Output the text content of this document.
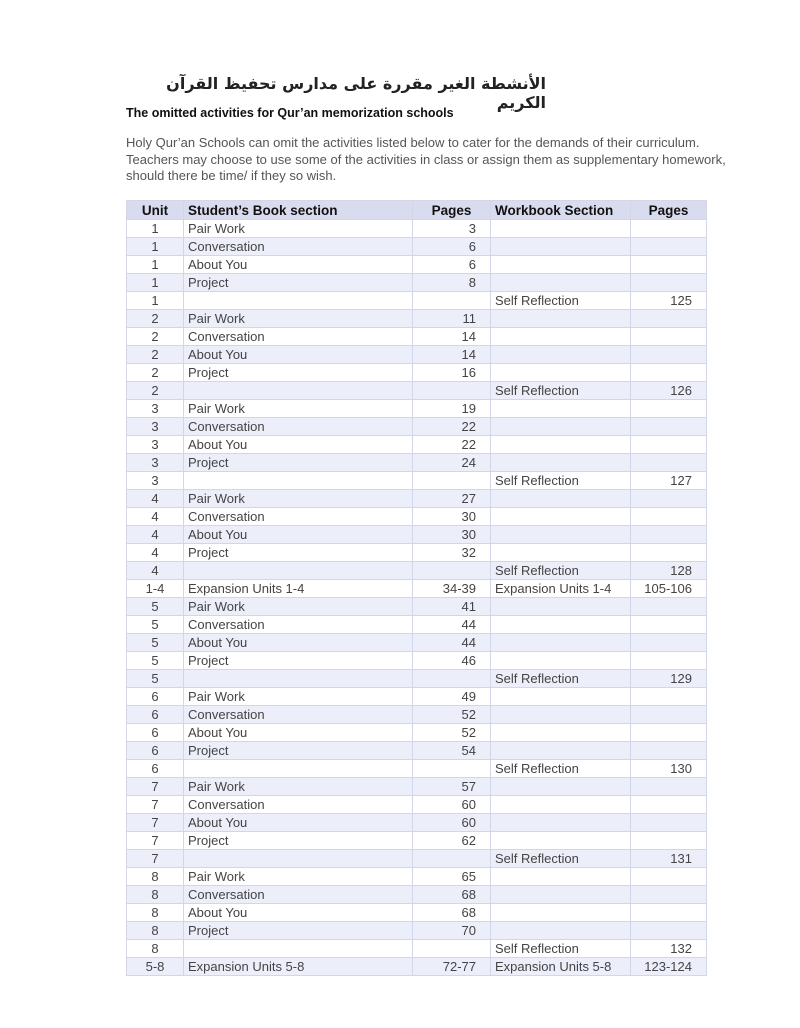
الأنشطة الغير مقررة على مدارس تحفيظ القرآن الكريم
The omitted activities for Qur’an memorization schools

Holy Qur’an Schools can omit the activities listed below to cater for the demands of their curriculum.

Teachers may choose to use some of the activities in class or assign them as supplementary homework,

should there be time/ if they so wish.

Unit	Student’s Book section	Pages	Workbook Section	Pages
1	Pair Work	3		
1	Conversation	6		
1	About You	6		
1	Project	8		
1			Self Reflection	125
2	Pair Work	11		
2	Conversation	14		
2	About You	14		
2	Project	16		
2			Self Reflection	126
3	Pair Work	19		
3	Conversation	22		
3	About You	22		
3	Project	24		
3			Self Reflection	127
4	Pair Work	27		
4	Conversation	30		
4	About You	30		
4	Project	32		
4			Self Reflection	128
1-4	Expansion Units 1-4	34-39	Expansion Units 1-4	105-106
5	Pair Work	41		
5	Conversation	44		
5	About You	44		
5	Project	46		
5			Self Reflection	129
6	Pair Work	49		
6	Conversation	52		
6	About You	52		
6	Project	54		
6			Self Reflection	130
7	Pair Work	57		
7	Conversation	60		
7	About You	60		
7	Project	62		
7			Self Reflection	131
8	Pair Work	65		
8	Conversation	68		
8	About You	68		
8	Project	70		
8			Self Reflection	132
5-8	Expansion Units 5-8	72-77	Expansion Units 5-8	123-124
